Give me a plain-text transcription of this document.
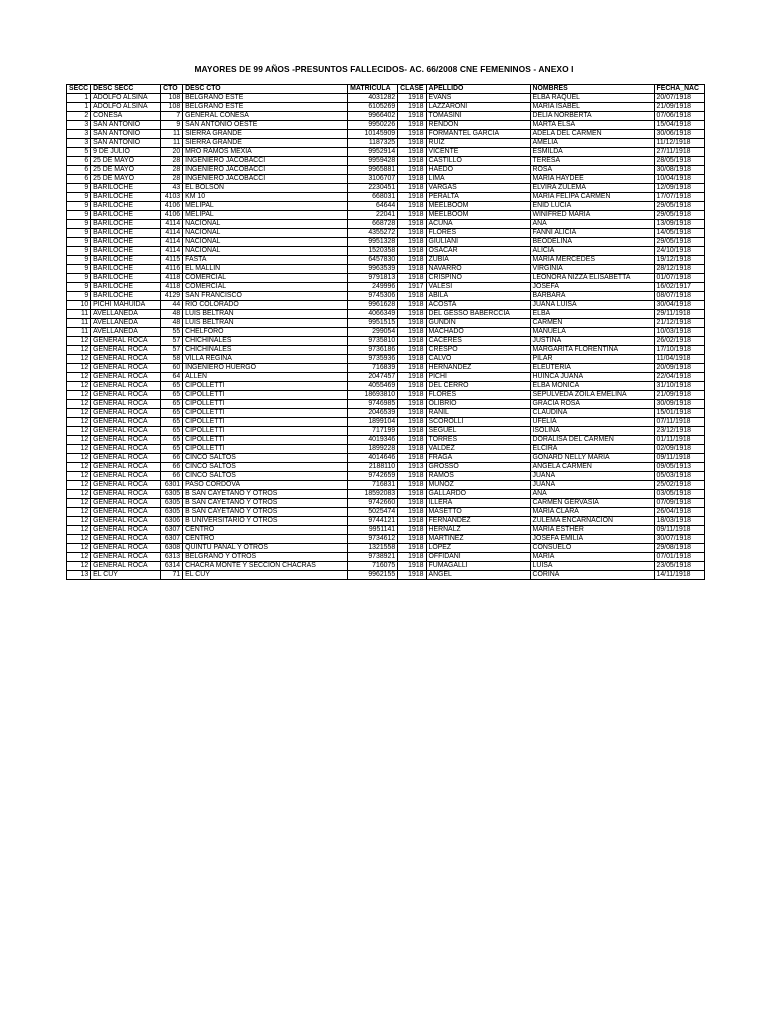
MAYORES DE 99 AÑOS -PRESUNTOS FALLECIDOS- AC. 66/2008 CNE FEMENINOS - ANEXO I
SECC	DESC SECC	CTO	DESC CTO	MATRICULA	CLASE	APELLIDO	NOMBRES	FECHA_NAC
1	ADOLFO ALSINA	108	BELGRANO ESTE	4031282	1918	EVANS	ELBA RAQUEL	20/07/1918
1	ADOLFO ALSINA	108	BELGRANO ESTE	6105269	1918	LAZZARONI	MARIA ISABEL	21/09/1918
2	CONESA	7	GENERAL CONESA	9966402	1918	TOMASINI	DELIA NORBERTA	07/06/1918
3	SAN ANTONIO	9	SAN ANTONIO OESTE	9950226	1918	RENDON	MARTA ELSA	15/04/1918
3	SAN ANTONIO	11	SIERRA GRANDE	10145909	1918	FORMANTEL GARCIA	ADELA DEL CARMEN	30/06/1918
3	SAN ANTONIO	11	SIERRA GRANDE	1187325	1918	RUIZ	AMELIA	11/12/1918
5	9 DE JULIO	20	MRO RAMOS MEXIA	9952914	1918	VICENTE	ESMILDA	27/11/1918
6	25 DE MAYO	28	INGENIERO JACOBACCI	9959428	1918	CASTILLO	TERESA	28/05/1918
6	25 DE MAYO	28	INGENIERO JACOBACCI	9965881	1918	HAEDO	ROSA	30/08/1918
6	25 DE MAYO	28	INGENIERO JACOBACCI	3106707	1918	LIMA	MARIA HAYDEE	10/04/1918
9	BARILOCHE	43	EL BOLSON	2230451	1918	VARGAS	ELVIRA ZULEMA	12/09/1918
9	BARILOCHE	4103	KM 10	668031	1918	PERALTA	MARIA FELIPA CARMEN	17/07/1918
9	BARILOCHE	4106	MELIPAL	64644	1918	MEELBOOM	ENID LUCIA	29/05/1918
9	BARILOCHE	4106	MELIPAL	22041	1918	MEELBOOM	WINIFRED MARIA	29/05/1918
9	BARILOCHE	4114	NACIONAL	668728	1918	ACUNA	ANA	13/09/1918
9	BARILOCHE	4114	NACIONAL	4355272	1918	FLORES	FANNI ALICIA	14/05/1918
9	BARILOCHE	4114	NACIONAL	9951328	1918	GIULIANI	BEODELINA	29/05/1918
9	BARILOCHE	4114	NACIONAL	1520358	1918	OSACAR	ALICIA	24/10/1918
9	BARILOCHE	4115	FASTA	6457830	1918	ZUBIA	MARIA MERCEDES	19/12/1918
9	BARILOCHE	4116	EL MALLIN	9963539	1918	NAVARRO	VIRGINIA	28/12/1918
9	BARILOCHE	4118	COMERCIAL	9791813	1918	CRISPINO	LEONORA NIZZA ELISABETTA	01/07/1918
9	BARILOCHE	4118	COMERCIAL	249996	1917	VALESI	JOSEFA	16/02/1917
9	BARILOCHE	4129	SAN FRANCISCO	9745306	1918	ABILA	BARBARA	08/07/1918
10	PICHI MAHUIDA	44	RIO COLORADO	9961628	1918	ACOSTA	JUANA LUISA	30/04/1918
11	AVELLANEDA	48	LUIS BELTRAN	4066349	1918	DEL GESSO BABERCCIA	ELBA	29/11/1918
11	AVELLANEDA	48	LUIS BELTRAN	9951515	1918	GUNDIN	CARMEN	21/12/1918
11	AVELLANEDA	55	CHELFORO	299054	1918	MACHADO	MANUELA	10/03/1918
12	GENERAL ROCA	57	CHICHINALES	9735810	1918	CACERES	JUSTINA	26/02/1918
12	GENERAL ROCA	57	CHICHINALES	9736186	1918	CRESPO	MARGARITA FLORENTINA	17/10/1918
12	GENERAL ROCA	58	VILLA REGINA	9735936	1918	CALVO	PILAR	11/04/1918
12	GENERAL ROCA	60	INGENIERO HUERGO	716839	1918	HERNANDEZ	ELEUTERIA	20/09/1918
12	GENERAL ROCA	64	ALLEN	2047457	1918	PICHI	HUINCA JUANA	22/04/1918
12	GENERAL ROCA	65	CIPOLLETTI	4055469	1918	DEL CERRO	ELBA MONICA	31/10/1918
12	GENERAL ROCA	65	CIPOLLETTI	18693810	1918	FLORES	SEPULVEDA ZOILA EMELINA	21/09/1918
12	GENERAL ROCA	65	CIPOLLETTI	9746985	1918	OLIBRIO	GRACIA ROSA	30/09/1918
12	GENERAL ROCA	65	CIPOLLETTI	2046539	1918	RANIL	CLAUDINA	15/01/1918
12	GENERAL ROCA	65	CIPOLLETTI	1899104	1918	SCOROLLI	UFELIA	07/11/1918
12	GENERAL ROCA	65	CIPOLLETTI	717199	1918	SEGUEL	ISOLINA	23/12/1918
12	GENERAL ROCA	65	CIPOLLETTI	4019346	1918	TORRES	DORALISA DEL CARMEN	01/11/1918
12	GENERAL ROCA	65	CIPOLLETTI	1899228	1918	VALDEZ	ELCIRA	02/09/1918
12	GENERAL ROCA	66	CINCO SALTOS	4014646	1918	FRAGA	GONARD NELLY MARIA	09/11/1918
12	GENERAL ROCA	66	CINCO SALTOS	2188110	1913	GROSSO	ANGELA CARMEN	09/05/1913
12	GENERAL ROCA	66	CINCO SALTOS	9742659	1918	RAMOS	JUANA	05/03/1918
12	GENERAL ROCA	6301	PASO CORDOVA	716831	1918	MUNOZ	JUANA	25/02/1918
12	GENERAL ROCA	6305	B SAN CAYETANO Y OTROS	18592083	1918	GALLARDO	ANA	03/05/1918
12	GENERAL ROCA	6305	B SAN CAYETANO Y OTROS	9742660	1918	ILLERA	CARMEN GERVASIA	07/09/1918
12	GENERAL ROCA	6305	B SAN CAYETANO Y OTROS	5025474	1918	MASETTO	MARIA CLARA	26/04/1918
12	GENERAL ROCA	6306	B UNIVERSITARIO Y OTROS	9744121	1918	FERNANDEZ	ZULEMA ENCARNACION	18/03/1918
12	GENERAL ROCA	6307	CENTRO	9951141	1918	HERNALZ	MARIA ESTHER	09/11/1918
12	GENERAL ROCA	6307	CENTRO	9734612	1918	MARTINEZ	JOSEFA EMILIA	30/07/1918
12	GENERAL ROCA	6308	QUINTU PANAL Y OTROS	1321558	1918	LOPEZ	CONSUELO	29/08/1918
12	GENERAL ROCA	6313	BELGRANO Y OTROS	9738921	1918	OFFIDANI	MARIA	07/01/1918
12	GENERAL ROCA	6314	CHACRA MONTE Y SECCION CHACRAS	716075	1918	FUMAGALLI	LUISA	23/05/1918
13	EL CUY	71	EL CUY	9962155	1918	ANGEL	CORINA	14/11/1918
